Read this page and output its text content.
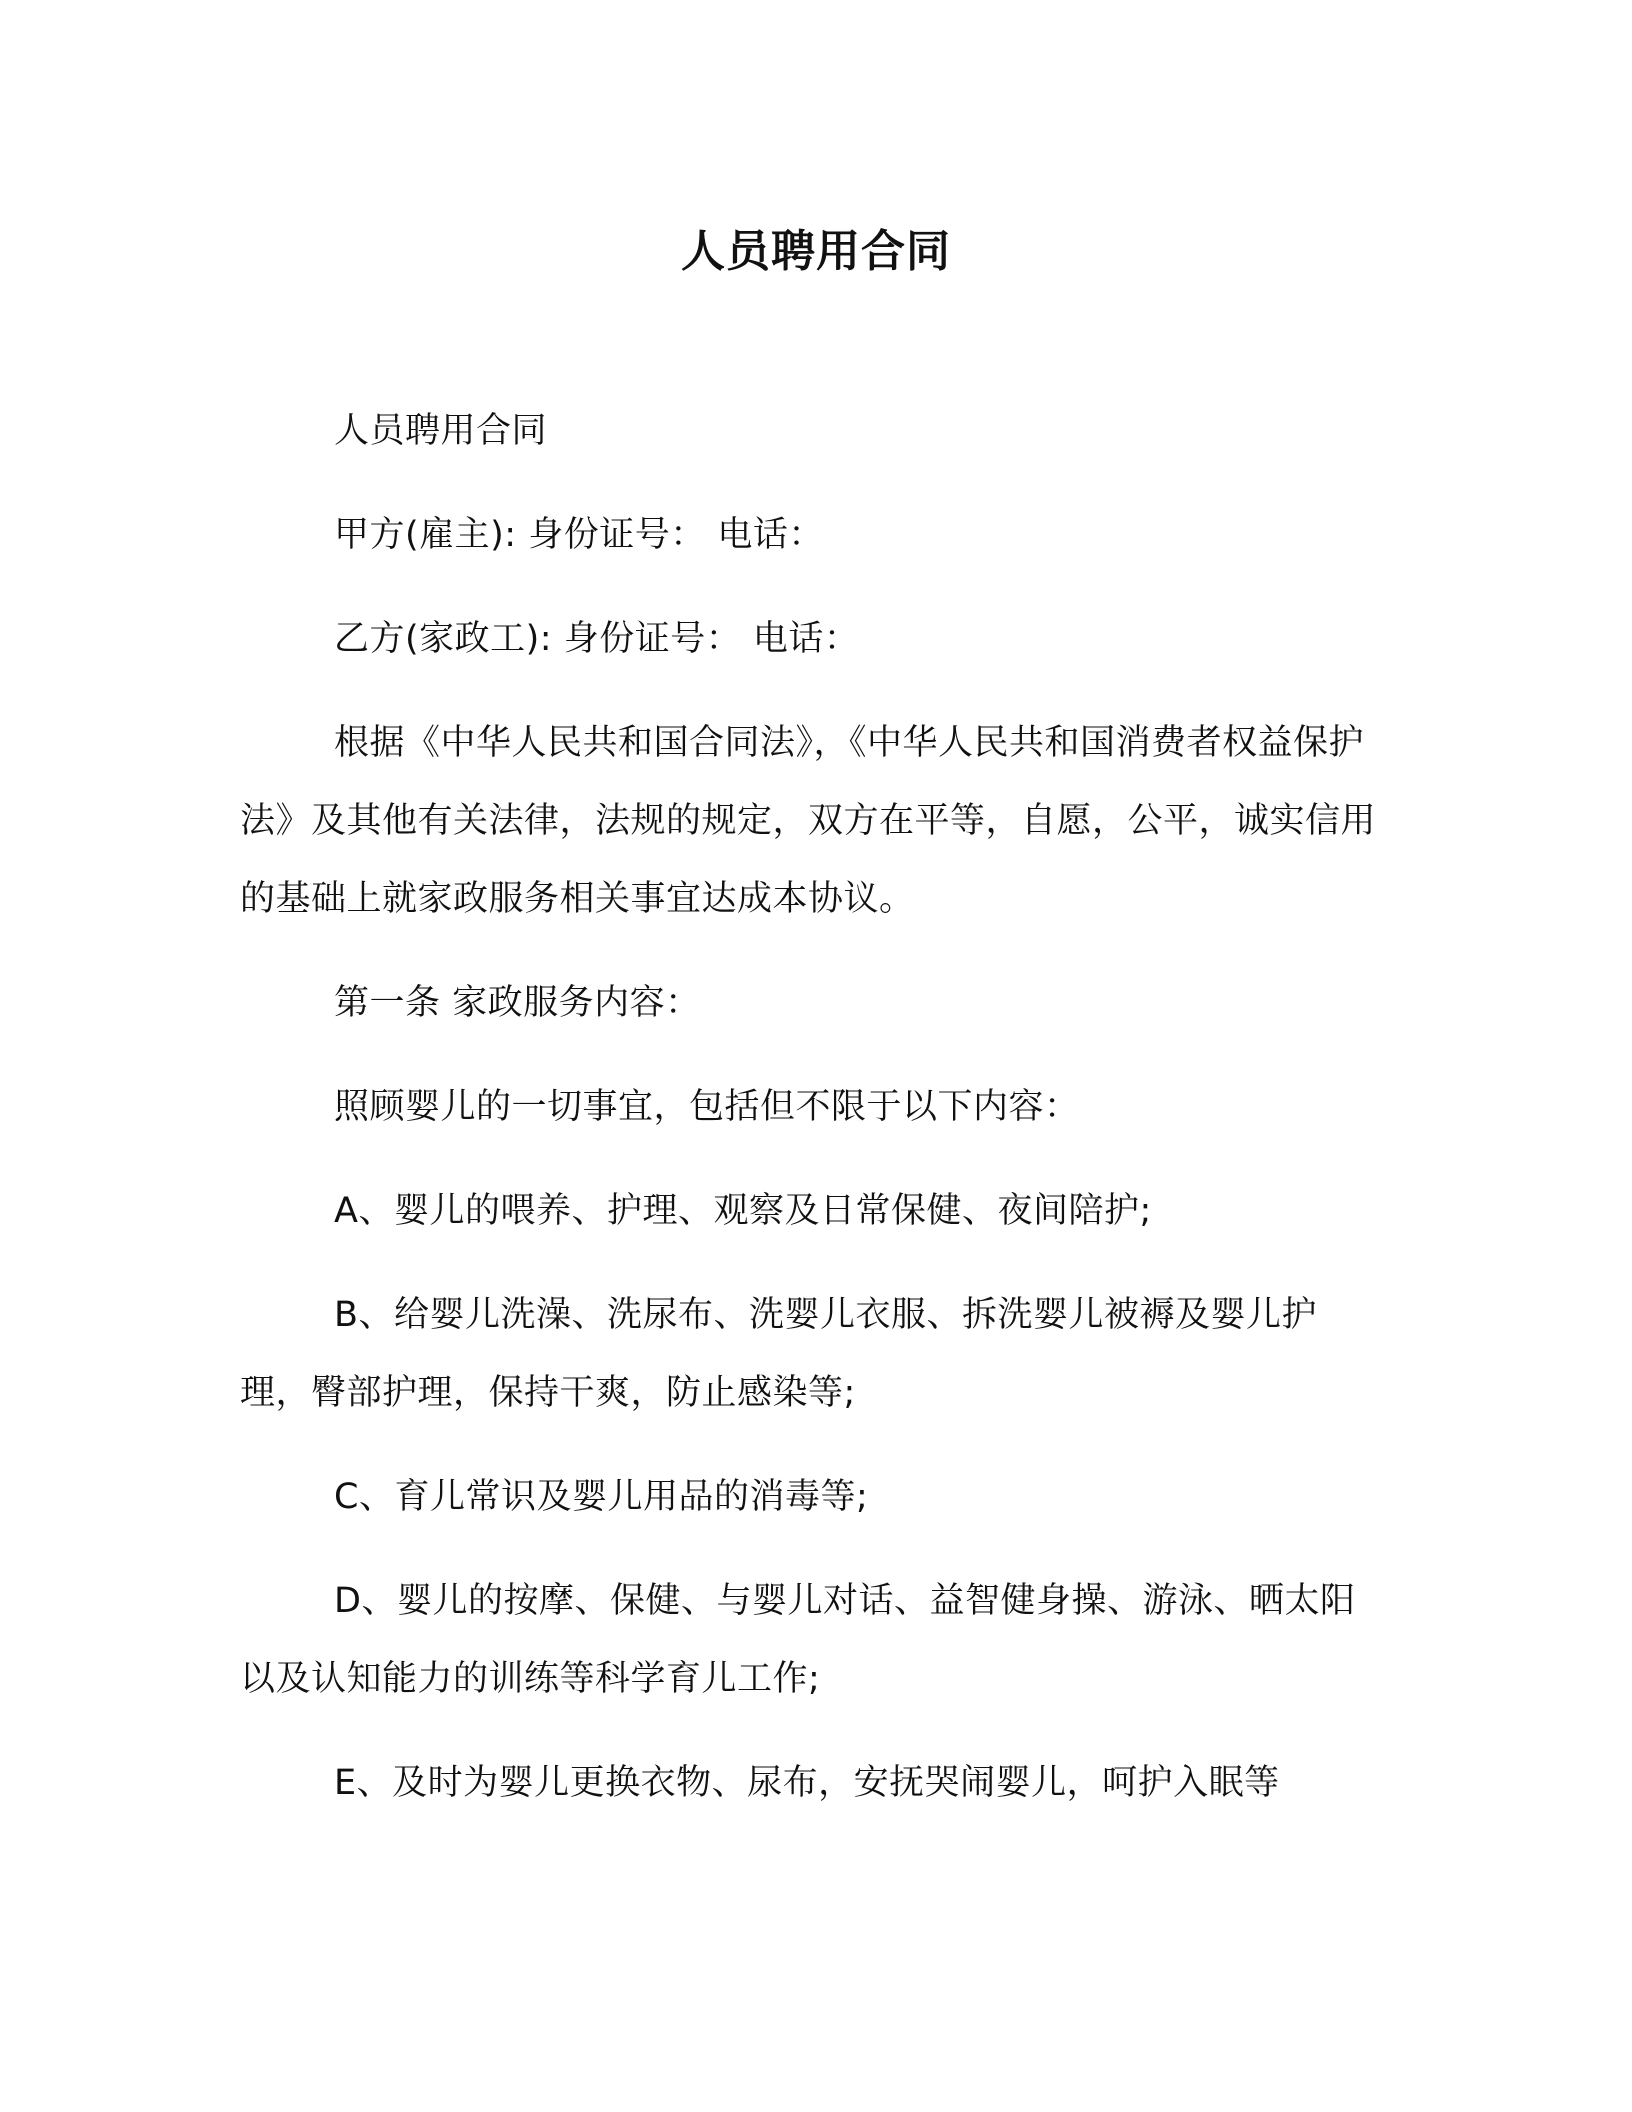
人员聘用合同

人员聘用合同

甲方(雇主): 身份证号： 电话：

乙方(家政工): 身份证号： 电话：

根据《中华人民共和国合同法》，《中华人民共和国消费者权益保护法》及其他有关法律，法规的规定，双方在平等，自愿，公平，诚实信用的基础上就家政服务相关事宜达成本协议。

第一条 家政服务内容：

照顾婴儿的一切事宜，包括但不限于以下内容：

A、婴儿的喂养、护理、观察及日常保健、夜间陪护;

B、给婴儿洗澡、洗尿布、洗婴儿衣服、拆洗婴儿被褥及婴儿护理，臀部护理，保持干爽，防止感染等;

C、育儿常识及婴儿用品的消毒等;

D、婴儿的按摩、保健、与婴儿对话、益智健身操、游泳、晒太阳以及认知能力的训练等科学育儿工作;

E、及时为婴儿更换衣物、尿布，安抚哭闹婴儿，呵护入眠等
